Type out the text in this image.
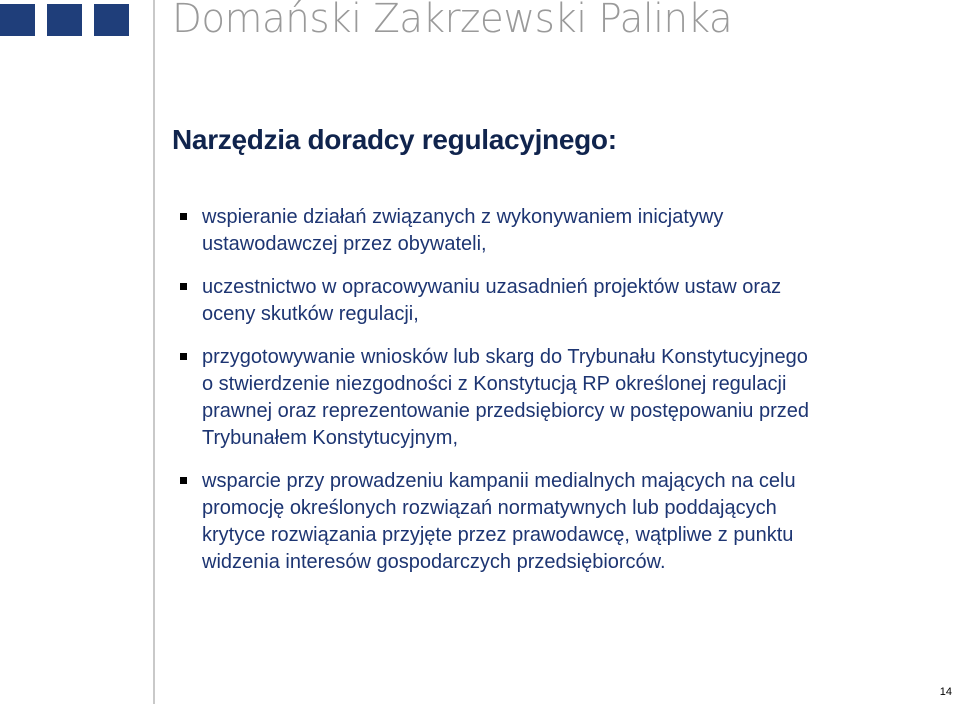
Domański Zakrzewski Palinka
Narzędzia doradcy regulacyjnego:
wspieranie działań związanych z wykonywaniem inicjatywy
ustawodawczej przez obywateli,
uczestnictwo w opracowywaniu uzasadnień projektów ustaw oraz
oceny skutków regulacji,
przygotowywanie wniosków lub skarg do Trybunału Konstytucyjnego
o stwierdzenie niezgodności z Konstytucją RP określonej regulacji
prawnej oraz reprezentowanie przedsiębiorcy w postępowaniu przed
Trybunałem Konstytucyjnym,
wsparcie przy prowadzeniu kampanii medialnych mających na celu
promocję określonych rozwiązań normatywnych lub poddających
krytyce rozwiązania przyjęte przez prawodawcę, wątpliwe z punktu
widzenia interesów gospodarczych przedsiębiorców.
14
